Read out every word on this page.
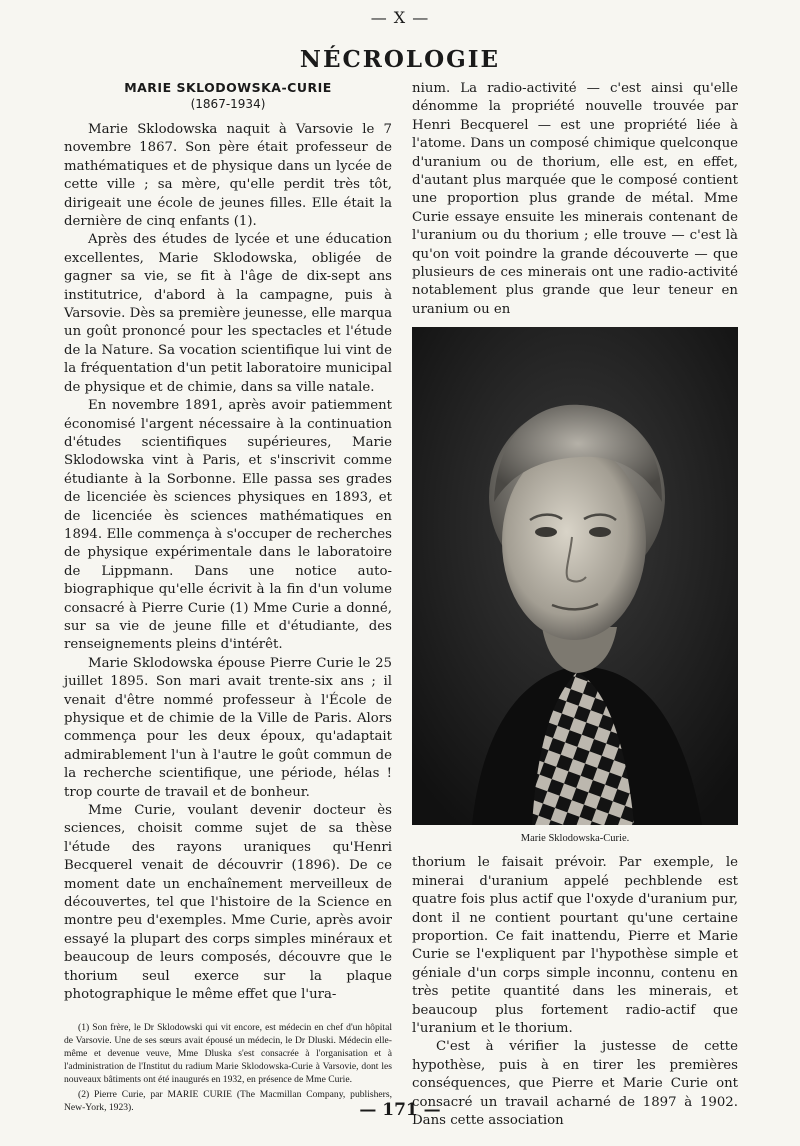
— X —
NÉCROLOGIE
MARIE SKLODOWSKA-CURIE
(1867-1934)

Marie Sklodowska naquit à Varsovie le 7 novembre 1867. Son père était professeur de mathématiques et de physique dans un lycée de cette ville ; sa mère, qu'elle perdit très tôt, dirigeait une école de jeunes filles. Elle était la dernière de cinq enfants (1).

Après des études de lycée et une éducation excellentes, Marie Sklodowska, obligée de gagner sa vie, se fit à l'âge de dix-sept ans institutrice, d'abord à la campagne, puis à Varsovie. Dès sa première jeunesse, elle marqua un goût prononcé pour les spectacles et l'étude de la Nature. Sa vocation scientifique lui vint de la fréquentation d'un petit laboratoire municipal de physique et de chimie, dans sa ville natale.

En novembre 1891, après avoir patiemment économisé l'argent nécessaire à la continuation d'études scientifiques supérieures, Marie Sklodowska vint à Paris, et s'inscrivit comme étudiante à la Sorbonne. Elle passa ses grades de licenciée ès sciences physiques en 1893, et de licenciée ès sciences mathématiques en 1894. Elle commença à s'occuper de recherches de physique expérimentale dans le laboratoire de Lippmann. Dans une notice auto-biographique qu'elle écrivit à la fin d'un volume consacré à Pierre Curie (1) Mme Curie a donné, sur sa vie de jeune fille et d'étudiante, des renseignements pleins d'intérêt.

Marie Sklodowska épouse Pierre Curie le 25 juillet 1895. Son mari avait trente-six ans ; il venait d'être nommé professeur à l'École de physique et de chimie de la Ville de Paris. Alors commença pour les deux époux, qu'adaptait admirablement l'un à l'autre le goût commun de la recherche scientifique, une période, hélas ! trop courte de travail et de bonheur.

Mme Curie, voulant devenir docteur ès sciences, choisit comme sujet de sa thèse l'étude des rayons uraniques qu'Henri Becquerel venait de découvrir (1896). De ce moment date un enchaînement merveilleux de découvertes, tel que l'histoire de la Science en montre peu d'exemples. Mme Curie, après avoir essayé la plupart des corps simples minéraux et beaucoup de leurs composés, découvre que le thorium seul exerce sur la plaque photographique le même effet que l'ura-

(1) Son frère, le Dr Sklodowski qui vit encore, est médecin en chef d'un hôpital de Varsovie. Une de ses sœurs avait épousé un médecin, le Dr Dluski. Médecin elle-même et devenue veuve, Mme Dluska s'est consacrée à l'organisation et à l'administration de l'Institut du radium Marie Sklodowska-Curie à Varsovie, dont les nouveaux bâtiments ont été inaugurés en 1932, en présence de Mme Curie.

(2) Pierre Curie, par MARIE CURIE (The Macmillan Company, publishers, New-York, 1923).

nium. La radio-activité — c'est ainsi qu'elle dénomme la propriété nouvelle trouvée par Henri Becquerel — est une propriété liée à l'atome. Dans un composé chimique quelconque d'uranium ou de thorium, elle est, en effet, d'autant plus marquée que le composé contient une proportion plus grande de métal. Mme Curie essaye ensuite les minerais contenant de l'uranium ou du thorium ; elle trouve — c'est là qu'on voit poindre la grande découverte — que plusieurs de ces minerais ont une radio-activité notablement plus grande que leur teneur en uranium ou en

Marie Sklodowska-Curie.

thorium le faisait prévoir. Par exemple, le minerai d'uranium appelé pechblende est quatre fois plus actif que l'oxyde d'uranium pur, dont il ne contient pourtant qu'une certaine proportion. Ce fait inattendu, Pierre et Marie Curie se l'expliquent par l'hypothèse simple et géniale d'un corps simple inconnu, contenu en très petite quantité dans les minerais, et beaucoup plus fortement radio-actif que l'uranium et le thorium.

C'est à vérifier la justesse de cette hypothèse, puis à en tirer les premières conséquences, que Pierre et Marie Curie ont consacré un travail acharné de 1897 à 1902. Dans cette association

— 171 —
